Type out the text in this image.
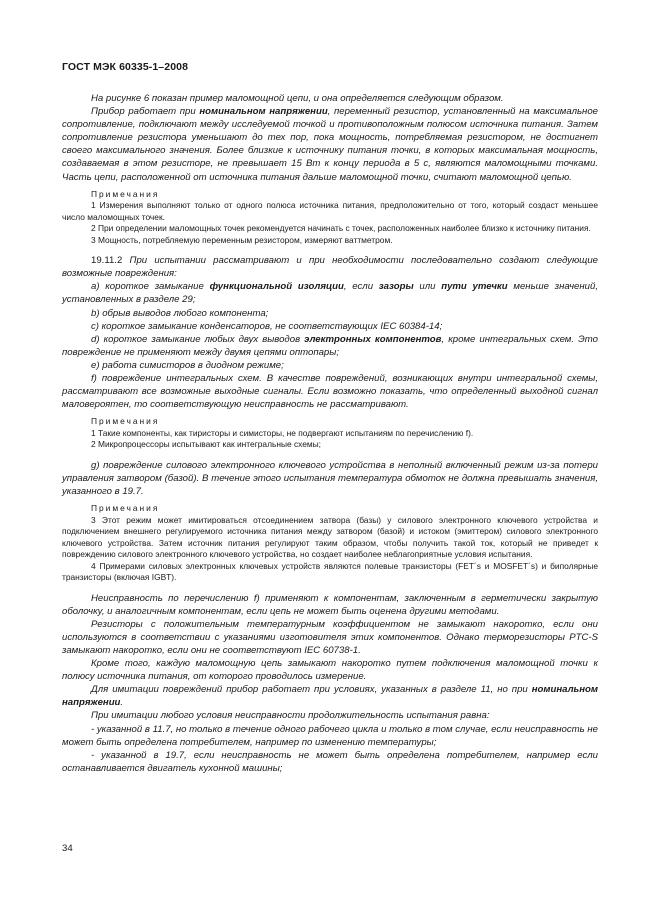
ГОСТ МЭК 60335-1–2008

На рисунке 6 показан пример маломощной цепи, и она определяется следующим образом.

Прибор работает при номинальном напряжении, переменный резистор, установленный на максимальное сопротивление, подключают между исследуемой точкой и противоположным полюсом источника питания. Затем сопротивление резистора уменьшают до тех пор, пока мощность, потребляемая резистором, не достигнет своего максимального значения. Более близкие к источнику питания точки, в которых максимальная мощность, создаваемая в этом резисторе, не превышает 15 Вт к концу периода в 5 с, являются маломощными точками. Часть цепи, расположенной от источника питания дальше маломощной точки, считают маломощной цепью.

Примечания

1 Измерения выполняют только от одного полюса источника питания, предположительно от того, который создаст меньшее число маломощных точек.

2 При определении маломощных точек рекомендуется начинать с точек, расположенных наиболее близко к источнику питания.

3 Мощность, потребляемую переменным резистором, измеряют ваттметром.

19.11.2 При испытании рассматривают и при необходимости последовательно создают следующие возможные повреждения:

а) короткое замыкание функциональной изоляции, если зазоры или пути утечки меньше значений, установленных в разделе 29;

b) обрыв выводов любого компонента;

c) короткое замыкание конденсаторов, не соответствующих IEC 60384-14;

d) короткое замыкание любых двух выводов электронных компонентов, кроме интегральных схем. Это повреждение не применяют между двумя цепями оптопары;

e) работа симисторов в диодном режиме;

f) повреждение интегральных схем. В качестве повреждений, возникающих внутри интегральной схемы, рассматривают все возможные выходные сигналы. Если возможно показать, что определенный выходной сигнал маловероятен, то соответствующую неисправность не рассматривают.

Примечания

1 Такие компоненты, как тиристоры и симисторы, не подвергают испытаниям по перечислению f).

2 Микропроцессоры испытывают как интегральные схемы;

g) повреждение силового электронного ключевого устройства в неполный включенный режим из-за потери управления затвором (базой). В течение этого испытания температура обмоток не должна превышать значения, указанного в 19.7.

Примечания

3 Этот режим может имитироваться отсоединением затвора (базы) у силового электронного ключевого устройства и подключением внешнего регулируемого источника питания между затвором (базой) и истоком (эмиттером) силового электронного ключевого устройства. Затем источник питания регулируют таким образом, чтобы получить такой ток, который не приведет к повреждению силового электронного ключевого устройства, но создает наиболее неблагоприятные условия испытания.

4 Примерами силовых электронных ключевых устройств являются полевые транзисторы (FET´s и MOSFET´s) и биполярные транзисторы (включая IGBT).

Неисправность по перечислению f) применяют к компонентам, заключенным в герметически закрытую оболочку, и аналогичным компонентам, если цепь не может быть оценена другими методами.

Резисторы с положительным температурным коэффициентом не замыкают накоротко, если они используются в соответствии с указаниями изготовителя этих компонентов. Однако терморезисторы PTC-S замыкают накоротко, если они не соответствуют IEC 60738-1.

Кроме того, каждую маломощную цепь замыкают накоротко путем подключения маломощной точки к полюсу источника питания, от которого проводилось измерение.

Для имитации повреждений прибор работает при условиях, указанных в разделе 11, но при номинальном напряжении.

При имитации любого условия неисправности продолжительность испытания равна:

- указанной в 11.7, но только в течение одного рабочего цикла и только в том случае, если неисправность не может быть определена потребителем, например по изменению температуры;

- указанной в 19.7, если неисправность не может быть определена потребителем, например если останавливается двигатель кухонной машины;

34
